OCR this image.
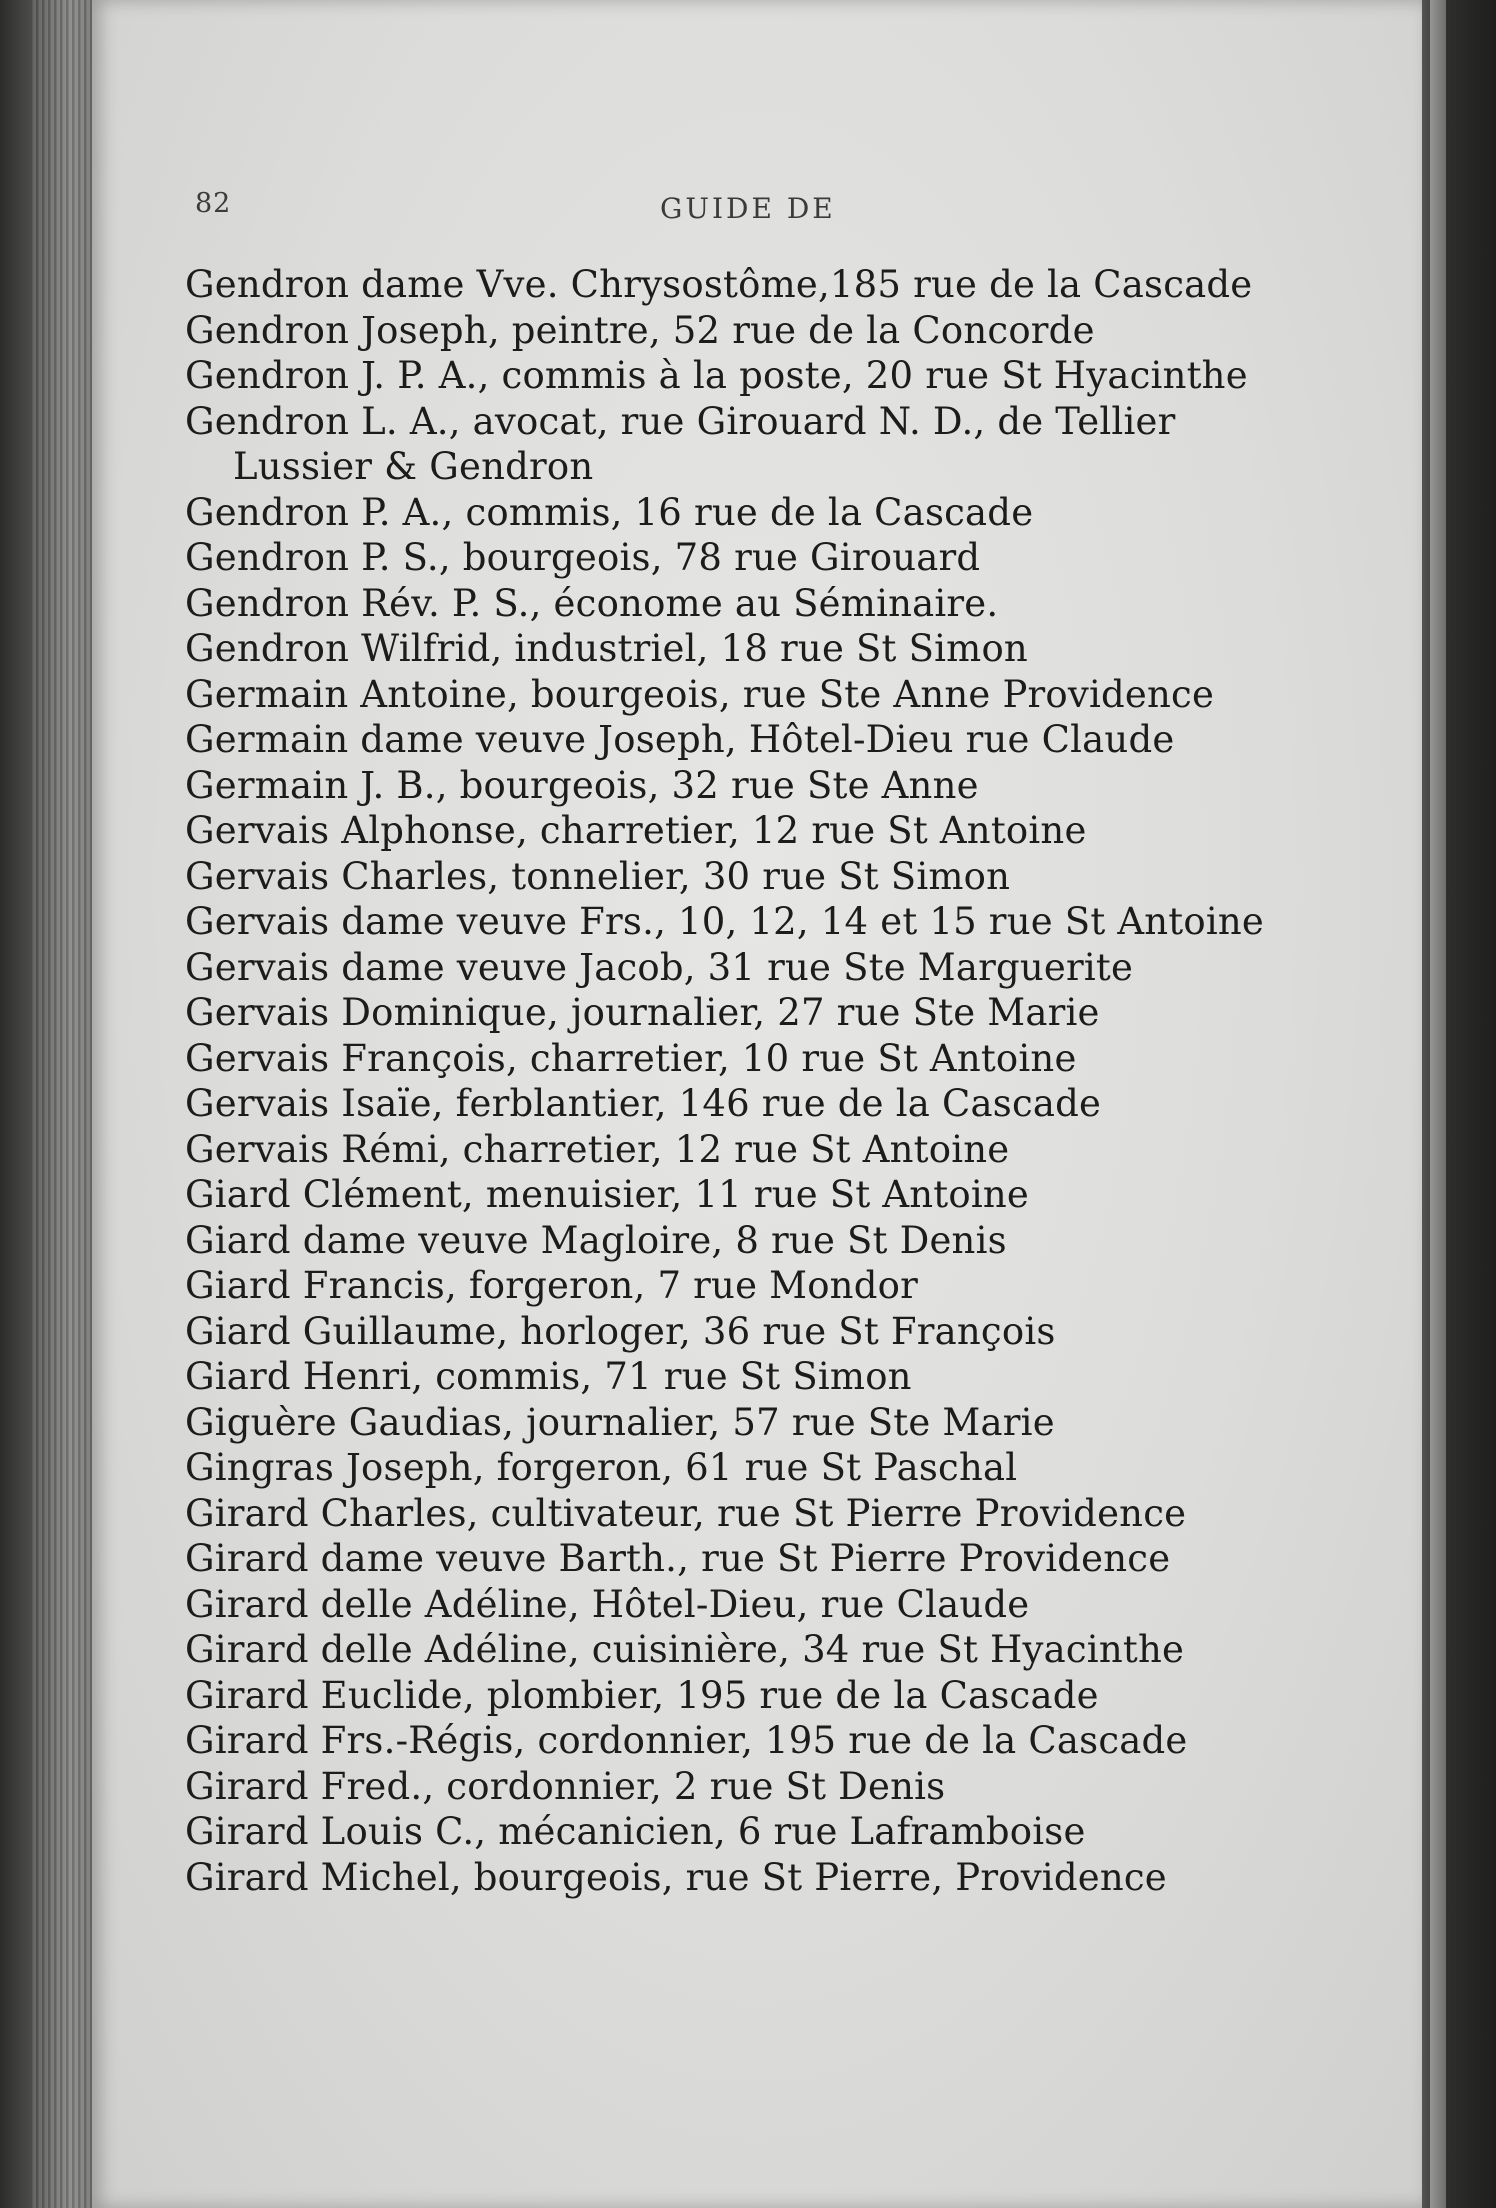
82	GUIDE DE
Gendron dame Vve. Chrysostôme,185 rue de la Cascade
Gendron Joseph, peintre, 52 rue de la Concorde
Gendron J. P. A., commis à la poste, 20 rue St Hyacinthe
Gendron L. A., avocat, rue Girouard N. D., de Tellier
Lussier & Gendron
Gendron P. A., commis, 16 rue de la Cascade
Gendron P. S., bourgeois, 78 rue Girouard
Gendron Rév. P. S., économe au Séminaire.
Gendron Wilfrid, industriel, 18 rue St Simon
Germain Antoine, bourgeois, rue Ste Anne Providence
Germain dame veuve Joseph, Hôtel-Dieu rue Claude
Germain J. B., bourgeois, 32 rue Ste Anne
Gervais Alphonse, charretier, 12 rue St Antoine
Gervais Charles, tonnelier, 30 rue St Simon
Gervais dame veuve Frs., 10, 12, 14 et 15 rue St Antoine
Gervais dame veuve Jacob, 31 rue Ste Marguerite
Gervais Dominique, journalier, 27 rue Ste Marie
Gervais François, charretier, 10 rue St Antoine
Gervais Isaïe, ferblantier, 146 rue de la Cascade
Gervais Rémi, charretier, 12 rue St Antoine
Giard Clément, menuisier, 11 rue St Antoine
Giard dame veuve Magloire, 8 rue St Denis
Giard Francis, forgeron, 7 rue Mondor
Giard Guillaume, horloger, 36 rue St François
Giard Henri, commis, 71 rue St Simon
Giguère Gaudias, journalier, 57 rue Ste Marie
Gingras Joseph, forgeron, 61 rue St Paschal
Girard Charles, cultivateur, rue St Pierre Providence
Girard dame veuve Barth., rue St Pierre Providence
Girard delle Adéline, Hôtel-Dieu, rue Claude
Girard delle Adéline, cuisinière, 34 rue St Hyacinthe
Girard Euclide, plombier, 195 rue de la Cascade
Girard Frs.-Régis, cordonnier, 195 rue de la Cascade
Girard Fred., cordonnier, 2 rue St Denis
Girard Louis C., mécanicien, 6 rue Laframboise
Girard Michel, bourgeois, rue St Pierre, Providence
